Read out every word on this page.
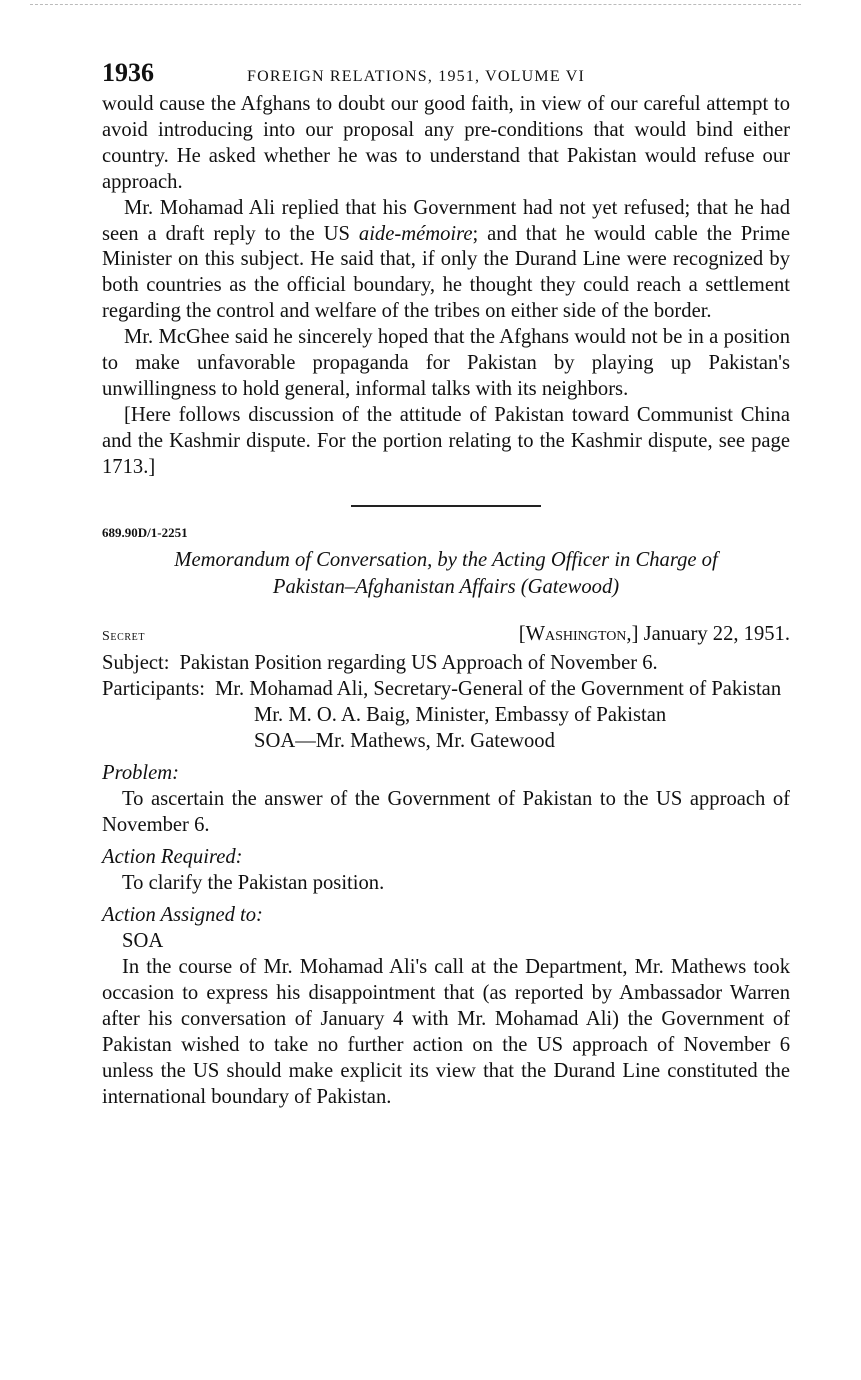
1936	FOREIGN RELATIONS, 1951, VOLUME VI

would cause the Afghans to doubt our good faith, in view of our careful attempt to avoid introducing into our proposal any pre-conditions that would bind either country. He asked whether he was to understand that Pakistan would refuse our approach.

Mr. Mohamad Ali replied that his Government had not yet refused; that he had seen a draft reply to the US aide-mémoire; and that he would cable the Prime Minister on this subject. He said that, if only the Durand Line were recognized by both countries as the official boundary, he thought they could reach a settlement regarding the control and welfare of the tribes on either side of the border.

Mr. McGhee said he sincerely hoped that the Afghans would not be in a position to make unfavorable propaganda for Pakistan by playing up Pakistan's unwillingness to hold general, informal talks with its neighbors.

[Here follows discussion of the attitude of Pakistan toward Communist China and the Kashmir dispute. For the portion relating to the Kashmir dispute, see page 1713.]

689.90D/1-2251
Memorandum of Conversation, by the Acting Officer in Charge of
Pakistan–Afghanistan Affairs (Gatewood)
Secret	[Washington,] January 22, 1951.
Subject: Pakistan Position regarding US Approach of November 6.
Participants: Mr. Mohamad Ali, Secretary-General of the Government of Pakistan
Mr. M. O. A. Baig, Minister, Embassy of Pakistan
SOA—Mr. Mathews, Mr. Gatewood
Problem:
To ascertain the answer of the Government of Pakistan to the US approach of November 6.
Action Required:
To clarify the Pakistan position.
Action Assigned to:
SOA
In the course of Mr. Mohamad Ali's call at the Department, Mr. Mathews took occasion to express his disappointment that (as reported by Ambassador Warren after his conversation of January 4 with Mr. Mohamad Ali) the Government of Pakistan wished to take no further action on the US approach of November 6 unless the US should make explicit its view that the Durand Line constituted the international boundary of Pakistan.
